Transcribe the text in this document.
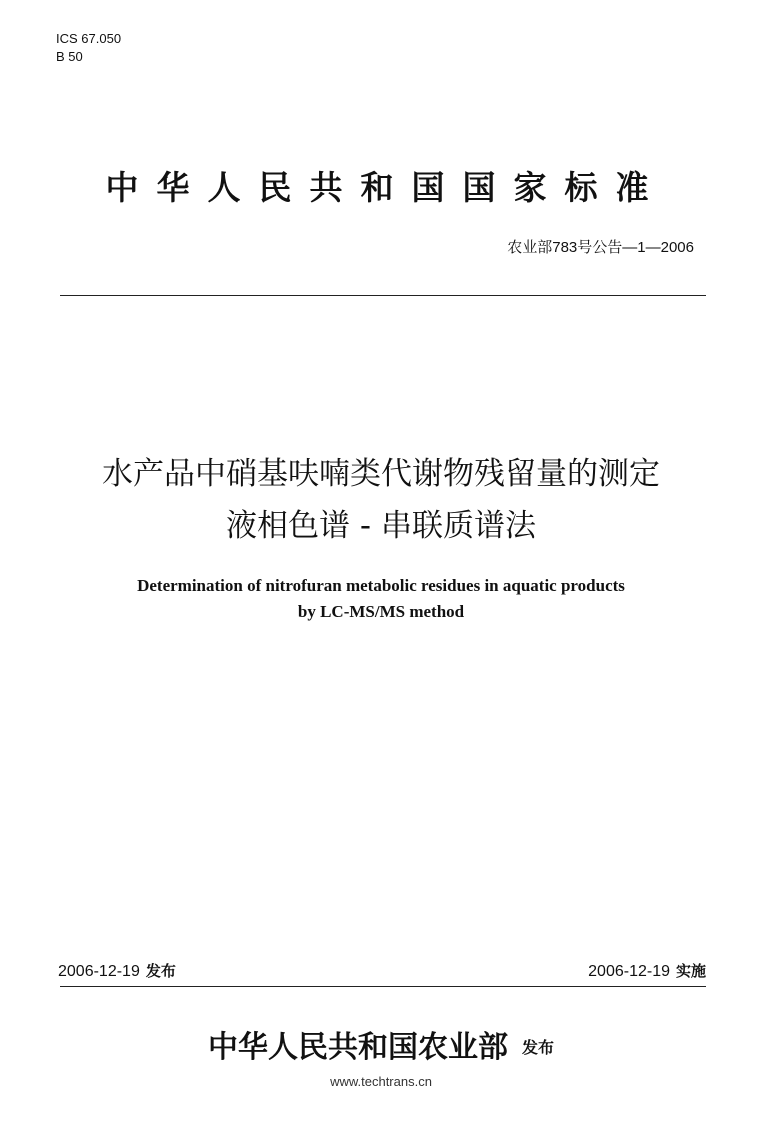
ICS 67.050
B 50
中华人民共和国国家标准
农业部783号公告—1—2006
水产品中硝基呋喃类代谢物残留量的测定
液相色谱 - 串联质谱法
Determination of nitrofuran metabolic residues in aquatic products
by LC-MS/MS method
2006-12-19 发布	2006-12-19 实施
中华人民共和国农业部 发布
www.techtrans.cn
